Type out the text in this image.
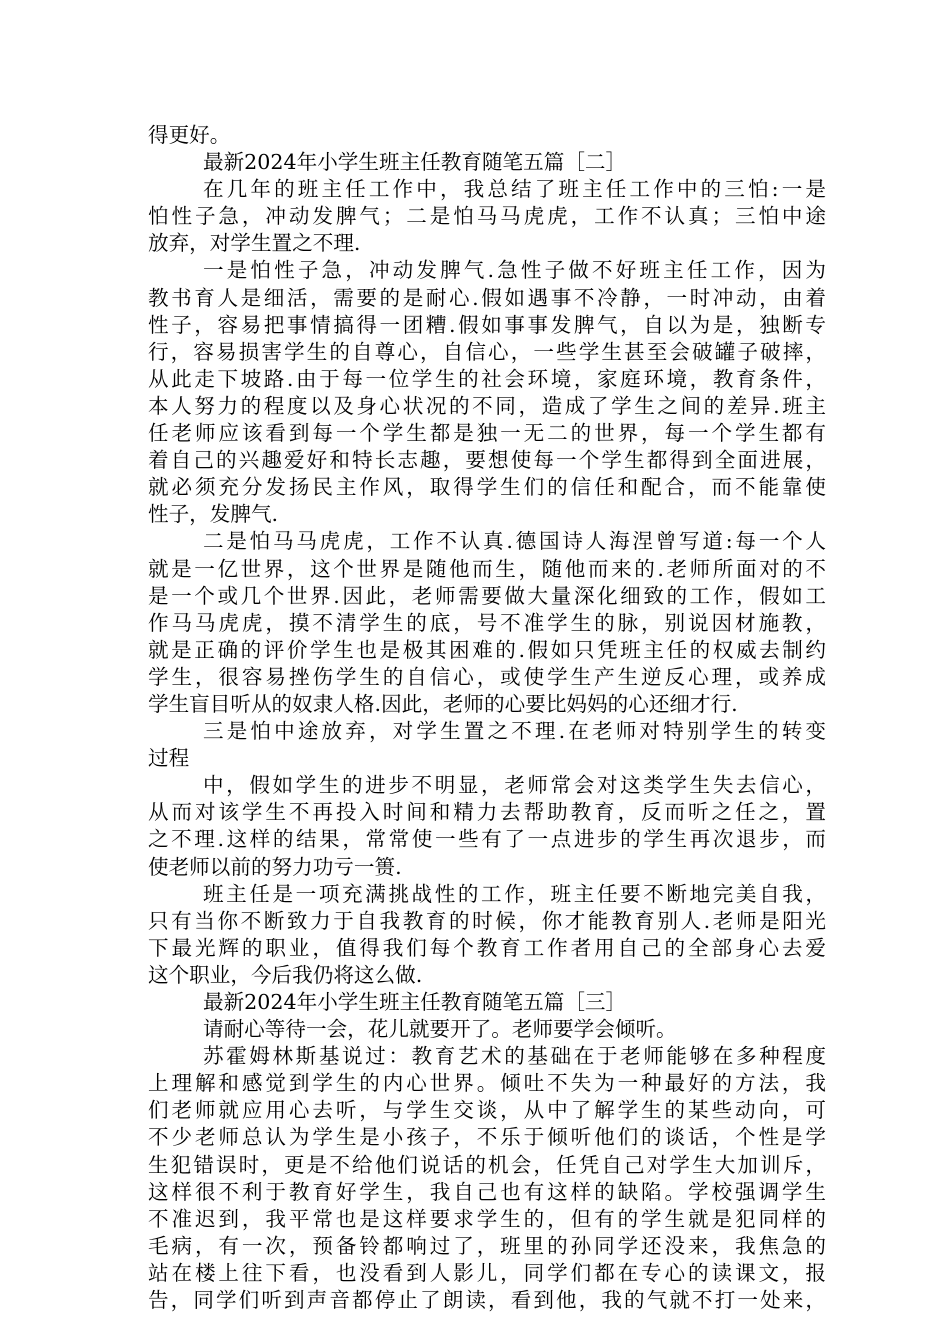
得更好。
最新2024年小学生班主任教育随笔五篇［二］
在几年的班主任工作中，我总结了班主任工作中的三怕:一是
怕性子急，冲动发脾气；二是怕马马虎虎，工作不认真；三怕中途
放弃，对学生置之不理.
一是怕性子急，冲动发脾气.急性子做不好班主任工作，因为
教书育人是细活，需要的是耐心.假如遇事不冷静，一时冲动，由着
性子，容易把事情搞得一团糟.假如事事发脾气，自以为是，独断专
行，容易损害学生的自尊心，自信心，一些学生甚至会破罐子破摔，
从此走下坡路.由于每一位学生的社会环境，家庭环境，教育条件，
本人努力的程度以及身心状况的不同，造成了学生之间的差异.班主
任老师应该看到每一个学生都是独一无二的世界，每一个学生都有
着自己的兴趣爱好和特长志趣，要想使每一个学生都得到全面进展，
就必须充分发扬民主作风，取得学生们的信任和配合，而不能靠使
性子，发脾气.
二是怕马马虎虎，工作不认真.德国诗人海涅曾写道:每一个人
就是一亿世界，这个世界是随他而生，随他而来的.老师所面对的不
是一个或几个世界.因此，老师需要做大量深化细致的工作，假如工
作马马虎虎，摸不清学生的底，号不准学生的脉，别说因材施教，
就是正确的评价学生也是极其困难的.假如只凭班主任的权威去制约
学生，很容易挫伤学生的自信心，或使学生产生逆反心理，或养成
学生盲目听从的奴隶人格.因此，老师的心要比妈妈的心还细才行.
三是怕中途放弃，对学生置之不理.在老师对特别学生的转变
过程
中，假如学生的进步不明显，老师常会对这类学生失去信心，
从而对该学生不再投入时间和精力去帮助教育，反而听之任之，置
之不理.这样的结果，常常使一些有了一点进步的学生再次退步，而
使老师以前的努力功亏一篑.
班主任是一项充满挑战性的工作，班主任要不断地完美自我，
只有当你不断致力于自我教育的时候，你才能教育别人.老师是阳光
下最光辉的职业，值得我们每个教育工作者用自己的全部身心去爱
这个职业，今后我仍将这么做.
最新2024年小学生班主任教育随笔五篇［三］
请耐心等待一会，花儿就要开了。老师要学会倾听。
苏霍姆林斯基说过：教育艺术的基础在于老师能够在多种程度
上理解和感觉到学生的内心世界。倾吐不失为一种最好的方法，我
们老师就应用心去听，与学生交谈，从中了解学生的某些动向，可
不少老师总认为学生是小孩子，不乐于倾听他们的谈话，个性是学
生犯错误时，更是不给他们说话的机会，任凭自己对学生大加训斥，
这样很不利于教育好学生，我自己也有这样的缺陷。学校强调学生
不准迟到，我平常也是这样要求学生的，但有的学生就是犯同样的
毛病，有一次，预备铃都响过了，班里的孙同学还没来，我焦急的
站在楼上往下看，也没看到人影儿，同学们都在专心的读课文，报
告，同学们听到声音都停止了朗读，看到他，我的气就不打一处来，
